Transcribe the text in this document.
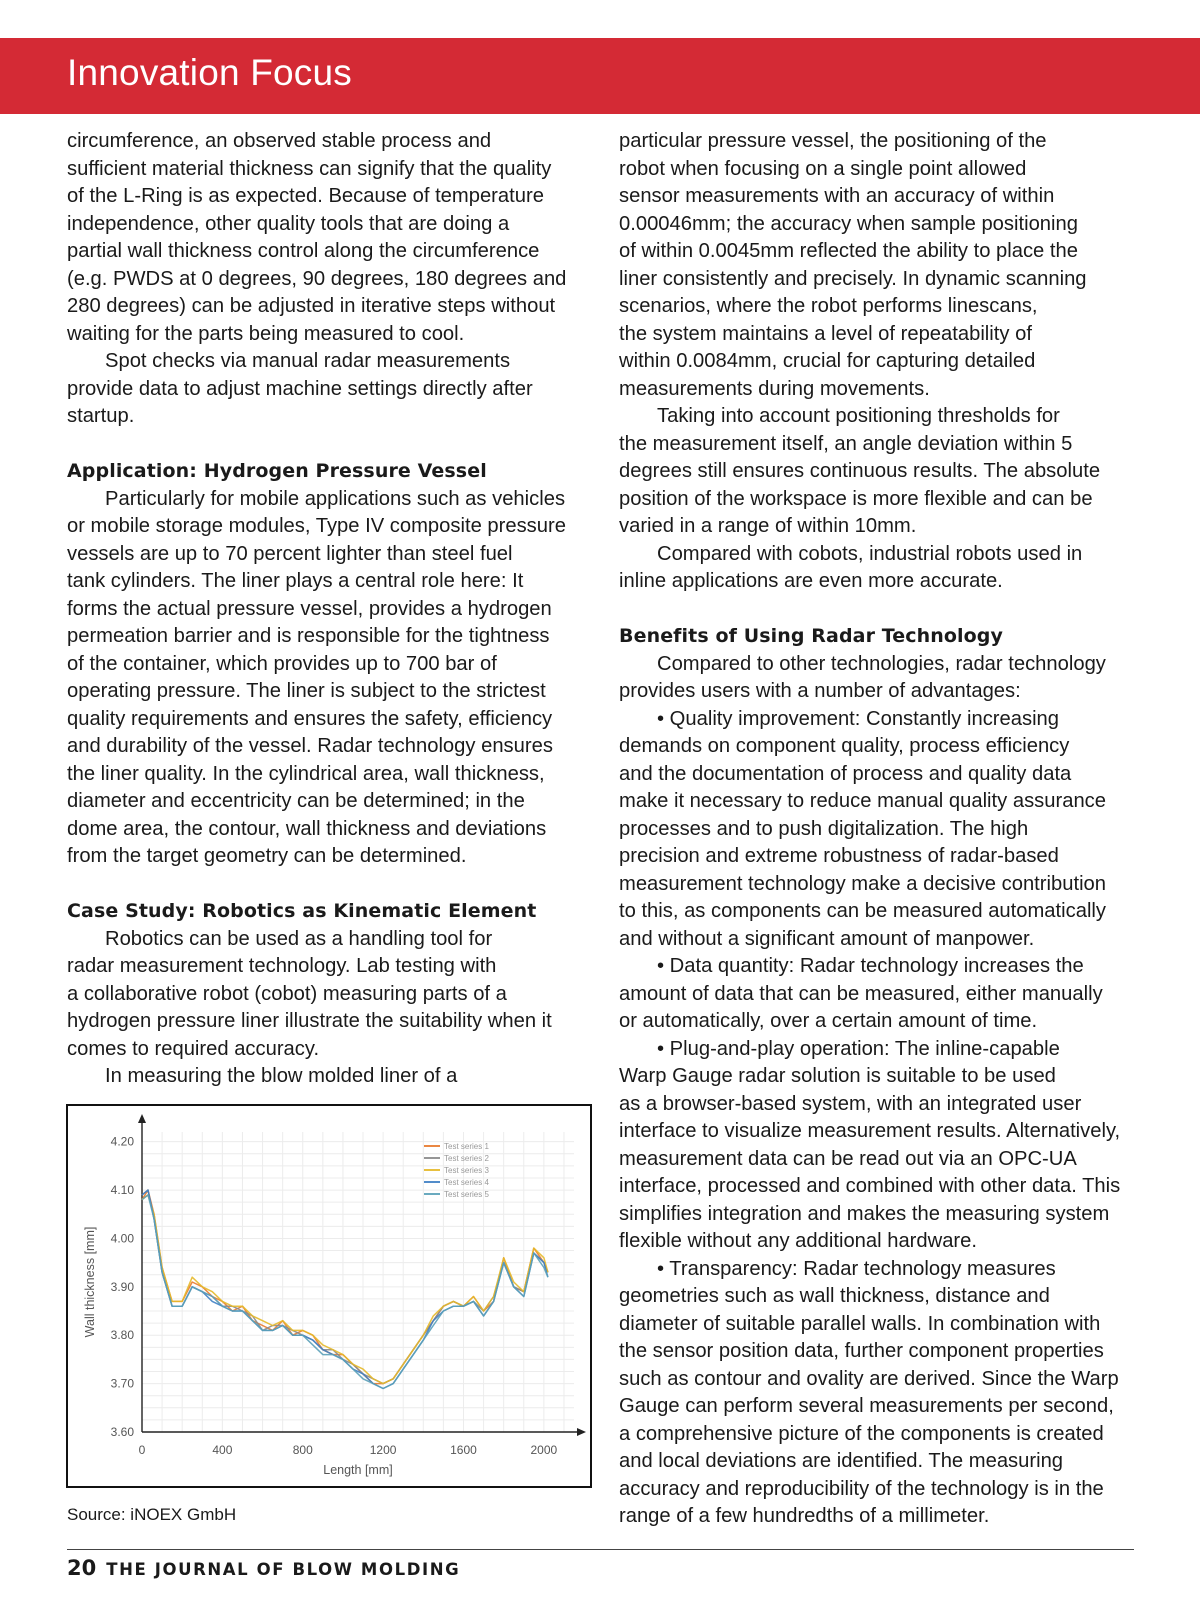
Innovation Focus
circumference, an observed stable process and
sufficient material thickness can signify that the quality
of the L-Ring is as expected. Because of temperature
independence, other quality tools that are doing a
partial wall thickness control along the circumference
(e.g. PWDS at 0 degrees, 90 degrees, 180 degrees and
280 degrees) can be adjusted in iterative steps without
waiting for the parts being measured to cool.
Spot checks via manual radar measurements
provide data to adjust machine settings directly after
startup.
Application: Hydrogen Pressure Vessel
Particularly for mobile applications such as vehicles
or mobile storage modules, Type IV composite pressure
vessels are up to 70 percent lighter than steel fuel
tank cylinders. The liner plays a central role here: It
forms the actual pressure vessel, provides a hydrogen
permeation barrier and is responsible for the tightness
of the container, which provides up to 700 bar of
operating pressure. The liner is subject to the strictest
quality requirements and ensures the safety, efficiency
and durability of the vessel. Radar technology ensures
the liner quality. In the cylindrical area, wall thickness,
diameter and eccentricity can be determined; in the
dome area, the contour, wall thickness and deviations
from the target geometry can be determined.
Case Study: Robotics as Kinematic Element
Robotics can be used as a handling tool for
radar measurement technology. Lab testing with
a collaborative robot (cobot) measuring parts of a
hydrogen pressure liner illustrate the suitability when it
comes to required accuracy.
In measuring the blow molded liner of a
particular pressure vessel, the positioning of the
robot when focusing on a single point allowed
sensor measurements with an accuracy of within
0.00046mm; the accuracy when sample positioning
of within 0.0045mm reflected the ability to place the
liner consistently and precisely. In dynamic scanning
scenarios, where the robot performs linescans,
the system maintains a level of repeatability of
within 0.0084mm, crucial for capturing detailed
measurements during movements.
Taking into account positioning thresholds for
the measurement itself, an angle deviation within 5
degrees still ensures continuous results. The absolute
position of the workspace is more flexible and can be
varied in a range of within 10mm.
Compared with cobots, industrial robots used in
inline applications are even more accurate.
Benefits of Using Radar Technology
Compared to other technologies, radar technology
provides users with a number of advantages:
• Quality improvement: Constantly increasing
demands on component quality, process efficiency
and the documentation of process and quality data
make it necessary to reduce manual quality assurance
processes and to push digitalization. The high
precision and extreme robustness of radar-based
measurement technology make a decisive contribution
to this, as components can be measured automatically
and without a significant amount of manpower.
• Data quantity: Radar technology increases the
amount of data that can be measured, either manually
or automatically, over a certain amount of time.
• Plug-and-play operation: The inline-capable
Warp Gauge radar solution is suitable to be used
as a browser-based system, with an integrated user
interface to visualize measurement results. Alternatively,
measurement data can be read out via an OPC-UA
interface, processed and combined with other data. This
simplifies integration and makes the measuring system
flexible without any additional hardware.
• Transparency: Radar technology measures
geometries such as wall thickness, distance and
diameter of suitable parallel walls. In combination with
the sensor position data, further component properties
such as contour and ovality are derived. Since the Warp
Gauge can perform several measurements per second,
a comprehensive picture of the components is created
and local deviations are identified. The measuring
accuracy and reproducibility of the technology is in the
range of a few hundredths of a millimeter.
3.60
3.70
3.80
3.90
4.00
4.10
4.20
0	400	800	1200	1600	2000
Length [mm]
Wall thickness [mm]
Test series 1
Test series 2
Test series 3
Test series 4
Test series 5
Source: iNOEX GmbH
20 THE JOURNAL OF BLOW MOLDING
